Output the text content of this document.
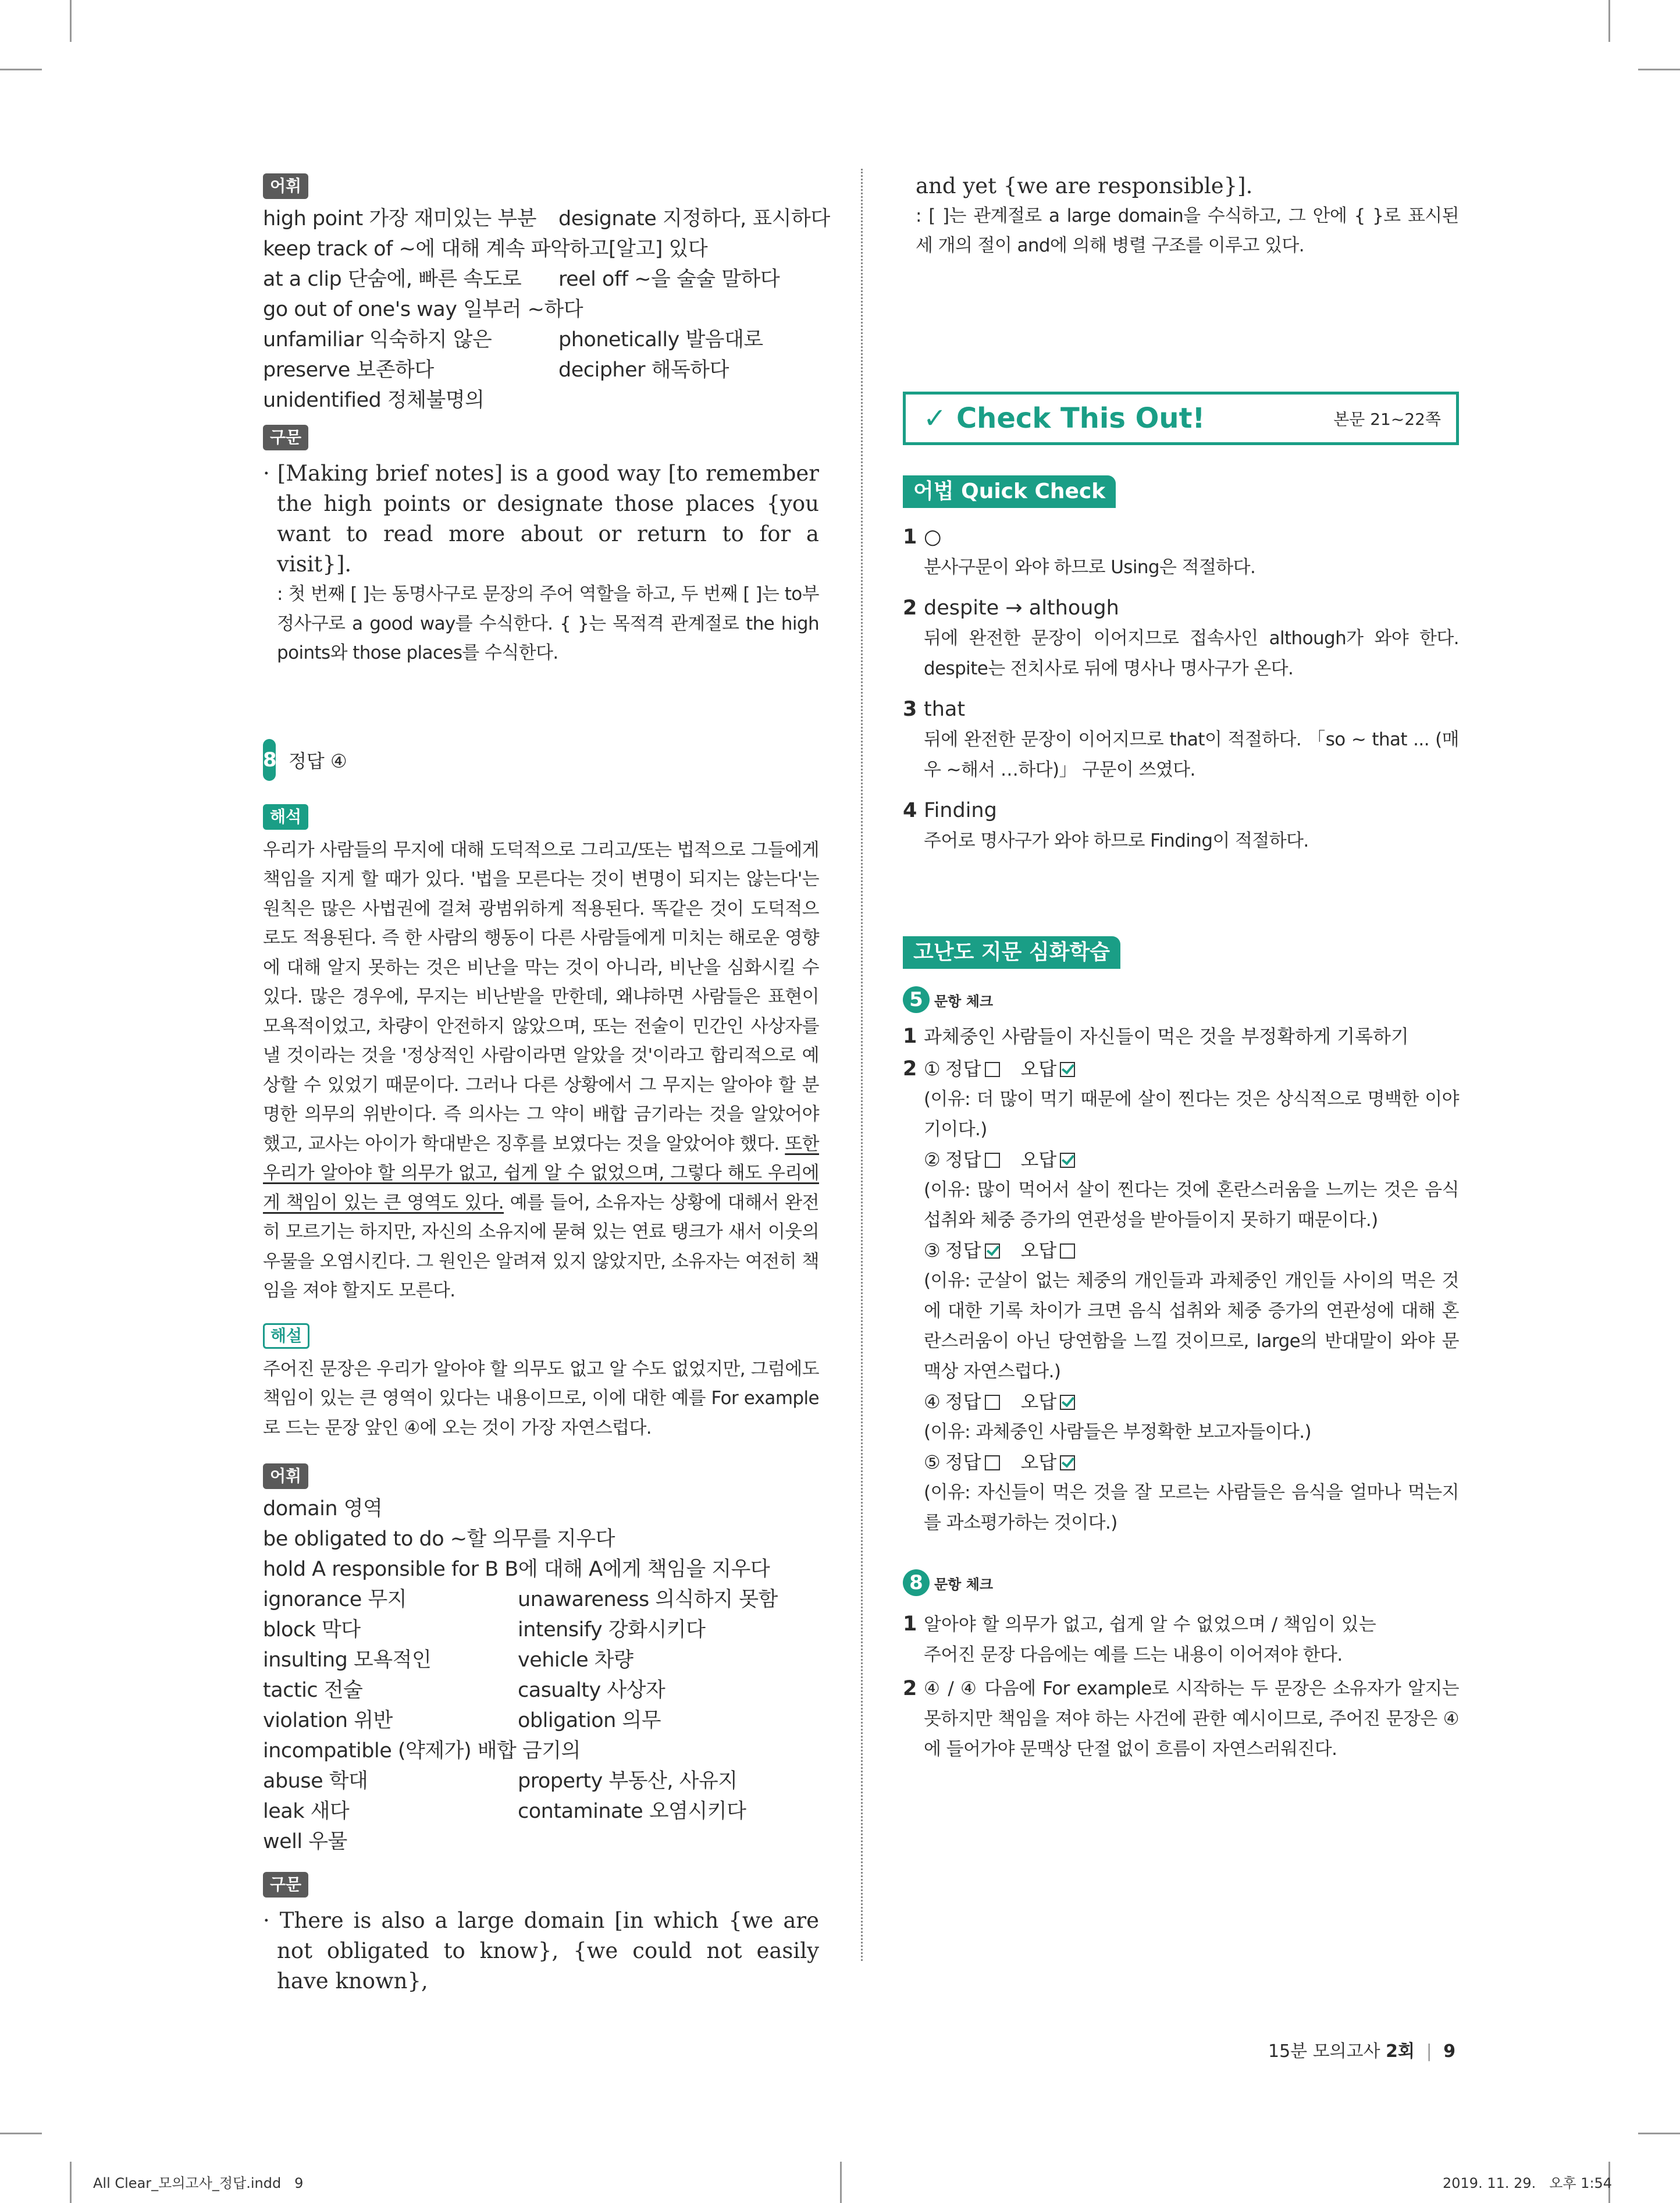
어휘
high point 가장 재미있는 부분 designate 지정하다, 표시하다
keep track of ~에 대해 계속 파악하고[알고] 있다
at a clip 단숨에, 빠른 속도로 reel off ~을 술술 말하다
go out of one's way 일부러 ~하다
unfamiliar 익숙하지 않은	phonetically 발음대로
preserve 보존하다	decipher 해독하다
unidentified 정체불명의
구문
· [Making brief notes] is a good way [to remember the high points or designate those places {you want to read more about or return to for a visit}].
: 첫 번째 [ ]는 동명사구로 문장의 주어 역할을 하고, 두 번째 [ ]는 to부정사구로 a good way를 수식한다. { }는 목적격 관계절로 the high points와 those places를 수식한다.
8 정답 ④
해석
우리가 사람들의 무지에 대해 도덕적으로 그리고/또는 법적으로 그들에게 책임을 지게 할 때가 있다. '법을 모른다는 것이 변명이 되지는 않는다'는 원칙은 많은 사법권에 걸쳐 광범위하게 적용된다. 똑같은 것이 도덕적으로도 적용된다. 즉 한 사람의 행동이 다른 사람들에게 미치는 해로운 영향에 대해 알지 못하는 것은 비난을 막는 것이 아니라, 비난을 심화시킬 수 있다. 많은 경우에, 무지는 비난받을 만한데, 왜냐하면 사람들은 표현이 모욕적이었고, 차량이 안전하지 않았으며, 또는 전술이 민간인 사상자를 낼 것이라는 것을 '정상적인 사람이라면 알았을 것'이라고 합리적으로 예상할 수 있었기 때문이다. 그러나 다른 상황에서 그 무지는 알아야 할 분명한 의무의 위반이다. 즉 의사는 그 약이 배합 금기라는 것을 알았어야 했고, 교사는 아이가 학대받은 징후를 보였다는 것을 알았어야 했다. 또한 우리가 알아야 할 의무가 없고, 쉽게 알 수 없었으며, 그렇다 해도 우리에게 책임이 있는 큰 영역도 있다. 예를 들어, 소유자는 상황에 대해서 완전히 모르기는 하지만, 자신의 소유지에 묻혀 있는 연료 탱크가 새서 이웃의 우물을 오염시킨다. 그 원인은 알려져 있지 않았지만, 소유자는 여전히 책임을 져야 할지도 모른다.
해설
주어진 문장은 우리가 알아야 할 의무도 없고 알 수도 없었지만, 그럼에도 책임이 있는 큰 영역이 있다는 내용이므로, 이에 대한 예를 For example로 드는 문장 앞인 ④에 오는 것이 가장 자연스럽다.
어휘
domain 영역
be obligated to do ~할 의무를 지우다
hold A responsible for B B에 대해 A에게 책임을 지우다
ignorance 무지	unawareness 의식하지 못함
block 막다	intensify 강화시키다
insulting 모욕적인	vehicle 차량
tactic 전술	casualty 사상자
violation 위반	obligation 의무
incompatible (약제가) 배합 금기의
abuse 학대	property 부동산, 사유지
leak 새다	contaminate 오염시키다
well 우물
구문
· There is also a large domain [in which {we are not obligated to know}, {we could not easily have known},
and yet {we are responsible}].
: [ ]는 관계절로 a large domain을 수식하고, 그 안에 { }로 표시된 세 개의 절이 and에 의해 병렬 구조를 이루고 있다.
✓ Check This Out!	본문 21~22쪽
어법 Quick Check
1 ○
분사구문이 와야 하므로 Using은 적절하다.
2 despite → although
뒤에 완전한 문장이 이어지므로 접속사인 although가 와야 한다. despite는 전치사로 뒤에 명사나 명사구가 온다.
3 that
뒤에 완전한 문장이 이어지므로 that이 적절하다. 「so ~ that ... (매우 ~해서 …하다)」 구문이 쓰였다.
4 Finding
주어로 명사구가 와야 하므로 Finding이 적절하다.
고난도 지문 심화학습
5 문항 체크
1 과체중인 사람들이 자신들이 먹은 것을 부정확하게 기록하기
2 ① 정답 오답
(이유: 더 많이 먹기 때문에 살이 찐다는 것은 상식적으로 명백한 이야기이다.)
② 정답 오답
(이유: 많이 먹어서 살이 찐다는 것에 혼란스러움을 느끼는 것은 음식 섭취와 체중 증가의 연관성을 받아들이지 못하기 때문이다.)
③ 정답 오답
(이유: 군살이 없는 체중의 개인들과 과체중인 개인들 사이의 먹은 것에 대한 기록 차이가 크면 음식 섭취와 체중 증가의 연관성에 대해 혼란스러움이 아닌 당연함을 느낄 것이므로, large의 반대말이 와야 문맥상 자연스럽다.)
④ 정답 오답
(이유: 과체중인 사람들은 부정확한 보고자들이다.)
⑤ 정답 오답
(이유: 자신들이 먹은 것을 잘 모르는 사람들은 음식을 얼마나 먹는지를 과소평가하는 것이다.)
8 문항 체크
1 알아야 할 의무가 없고, 쉽게 알 수 없었으며 / 책임이 있는
주어진 문장 다음에는 예를 드는 내용이 이어져야 한다.
2 ④ / ④ 다음에 For example로 시작하는 두 문장은 소유자가 알지는 못하지만 책임을 져야 하는 사건에 관한 예시이므로, 주어진 문장은 ④에 들어가야 문맥상 단절 없이 흐름이 자연스러워진다.
15분 모의고사 2회 | 9
All Clear_모의고사_정답.indd   9	2019. 11. 29.   오후 1:54
